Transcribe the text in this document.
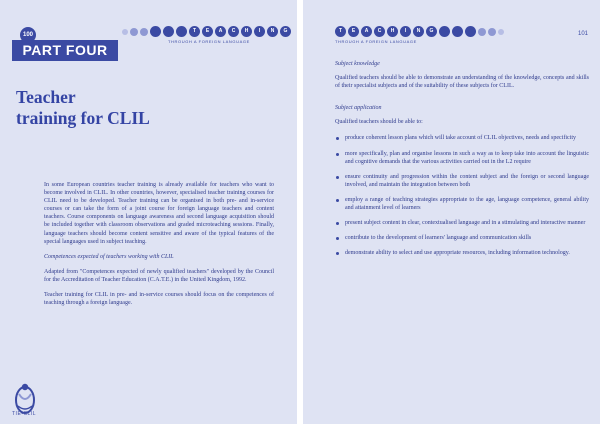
100
T	E	A	C	H	I	N	G
THROUGH A FOREIGN LANGUAGE
PART FOUR
Teacher
training for CLIL

In some European countries teacher training is already available for teachers who want to become involved in CLIL. In other countries, however, specialised teacher training courses for CLIL need to be developed. Teacher training can be organised in both pre- and in-service courses or can take the form of a joint course for foreign language teachers and content teachers. Course components on language awareness and second language acquisition should be included together with classroom observations and graded microteaching sessions. Finally, language teachers should become content sensitive and aware of the typical features of the special languages used in subject teaching.

Competences expected of teachers working with CLIL

Adapted from "Competences expected of newly qualified teachers" developed by the Council for the Accreditation of Teacher Education (C.A.T.E.) in the United Kingdom, 1992.

Teacher training for CLIL in pre- and in-service courses should focus on the competences of teaching through a foreign language.

TIE-CLIL
T	E	A	C	H	I	N	G
THROUGH A FOREIGN LANGUAGE
101

Subject knowledge

Qualified teachers should be able to demonstrate an understanding of the knowledge, concepts and skills of their specialist subjects and of the suitability of these subjects for CLIL.

Subject application

Qualified teachers should be able to:

produce coherent lesson plans which will take account of CLIL objectives, needs and specificity
more specifically, plan and organise lessons in such a way as to keep take into account the linguistic and cognitive demands that the various activities carried out in the L2 require
ensure continuity and progression within the content subject and the foreign or second language involved, and maintain the integration between both
employ a range of teaching strategies appropriate to the age, language competence, general ability and attainment level of learners
present subject content in clear, contextualised language and in a stimulating and interactive manner
contribute to the development of learners' language and communication skills
demonstrate ability to select and use appropriate resources, including information technology.
